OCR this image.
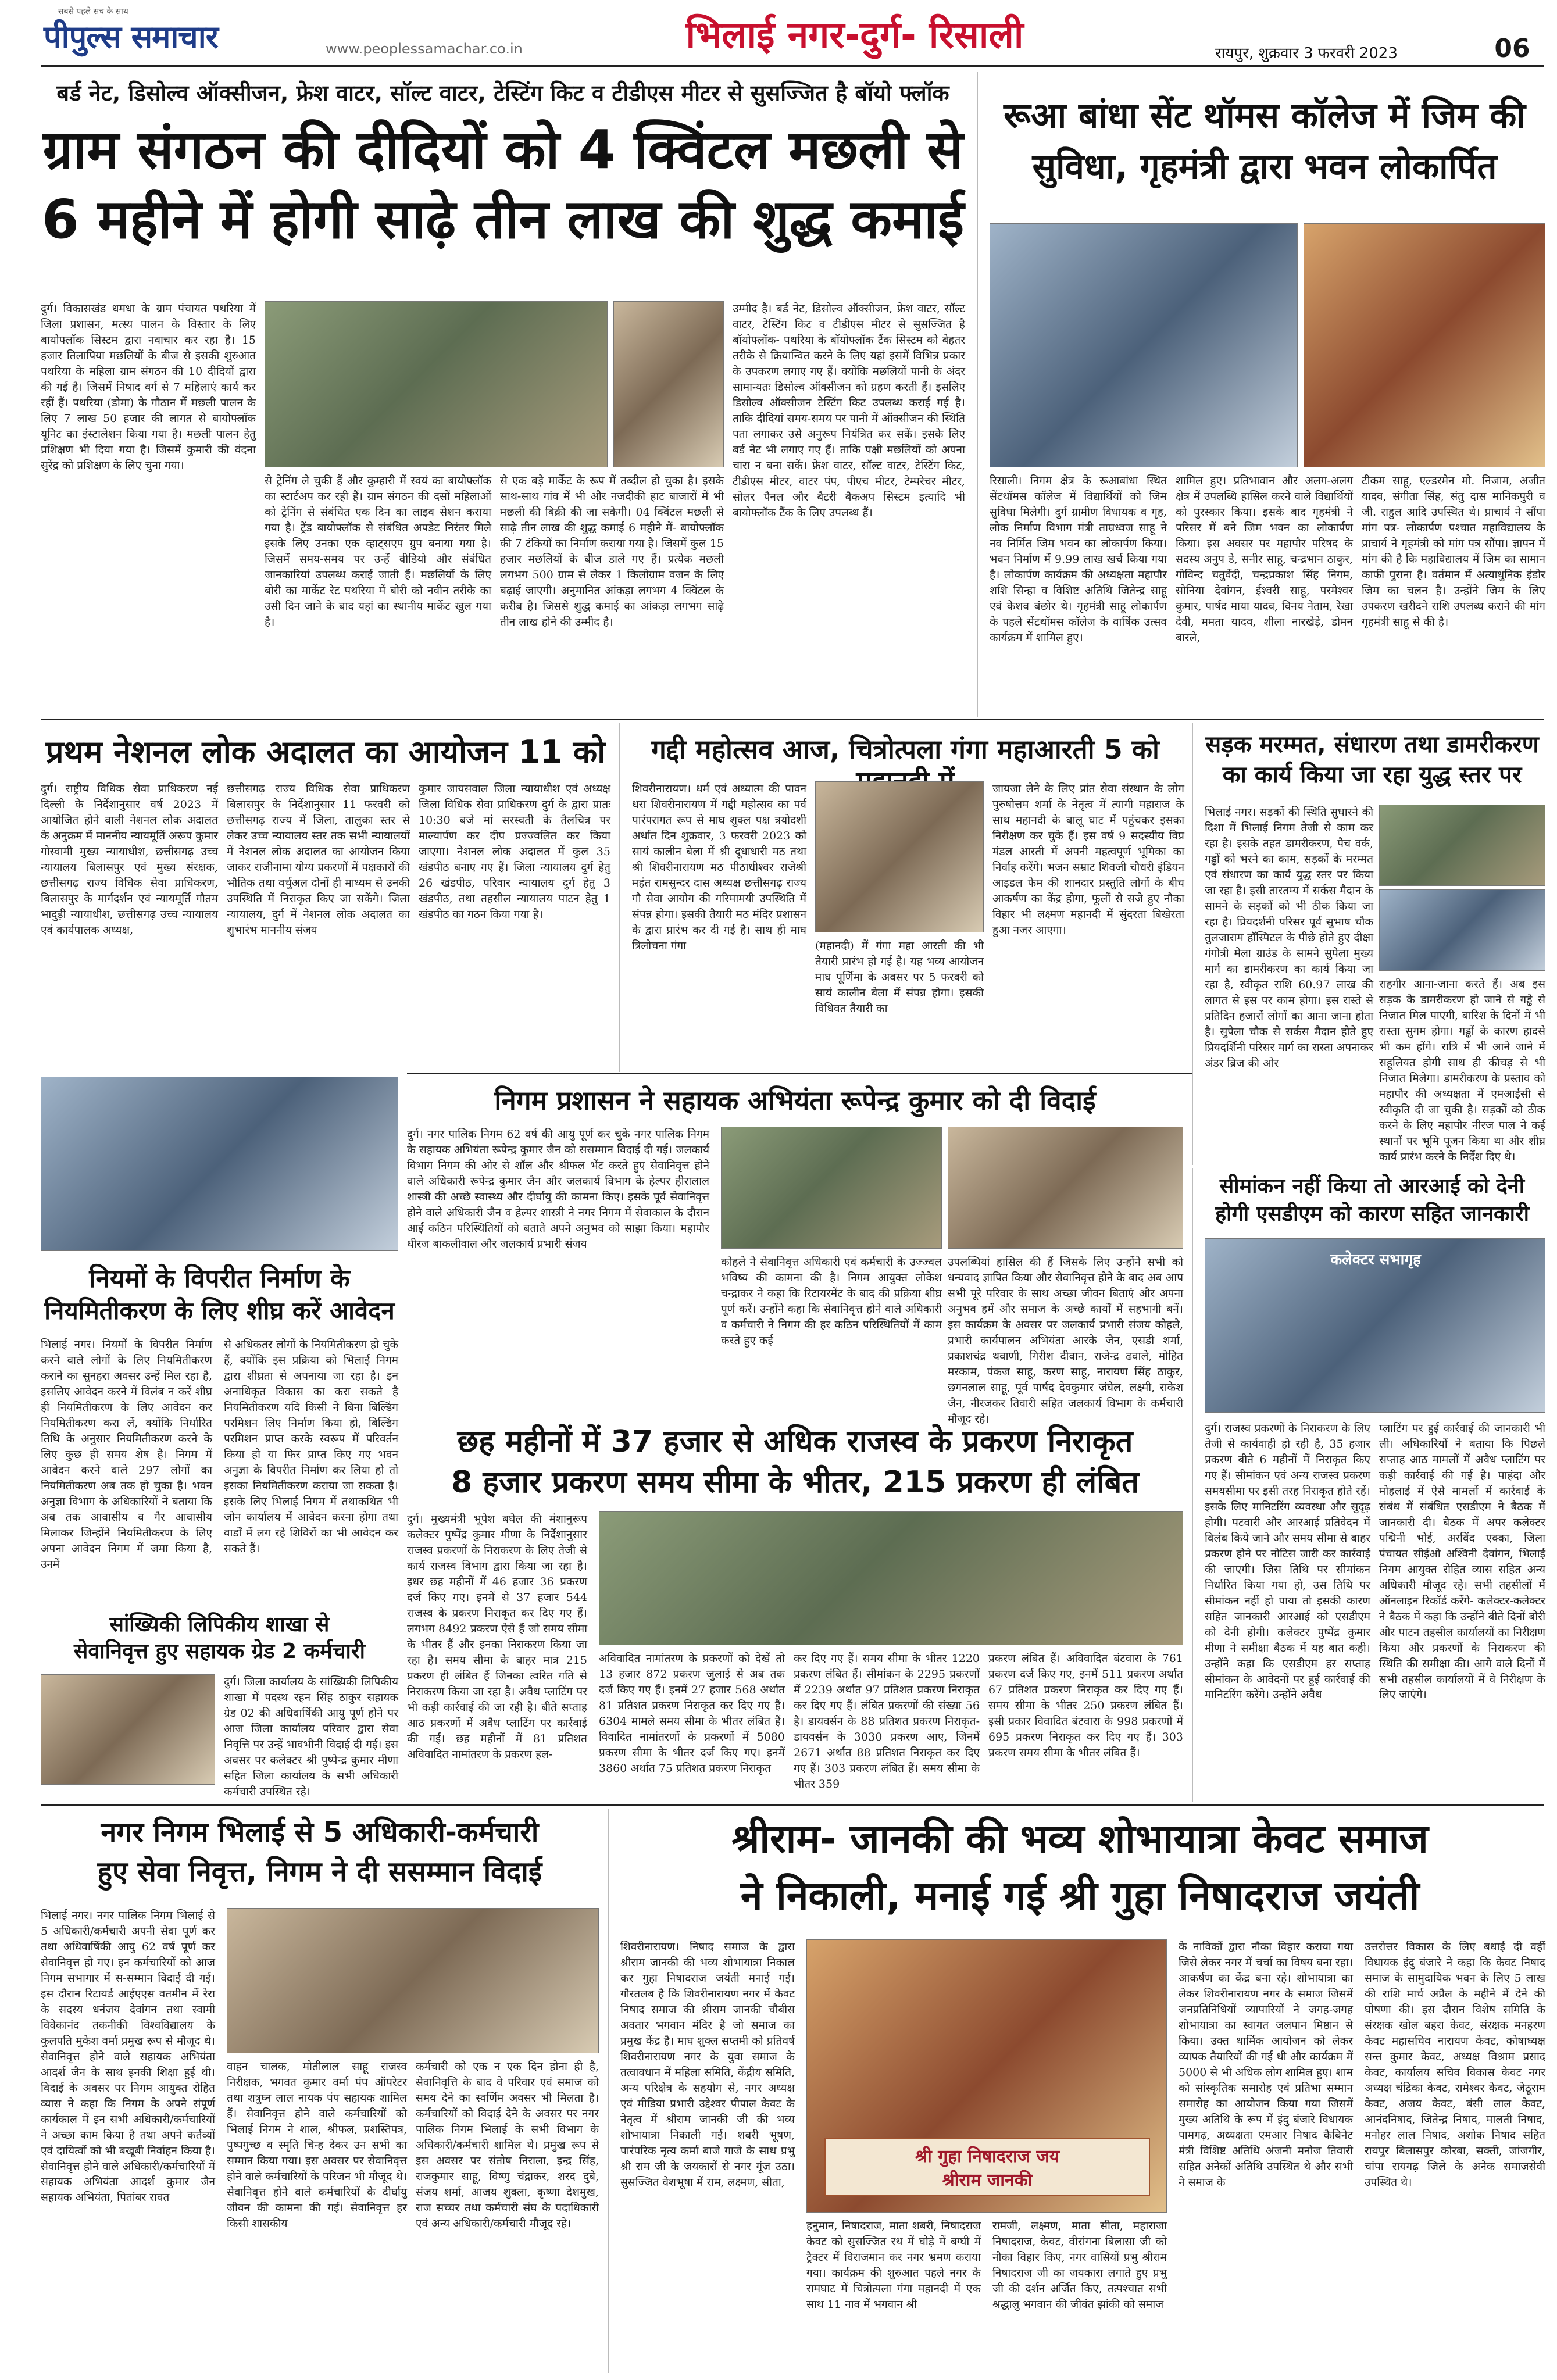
सबसे पहले सच के साथ
पीपुल्स समाचार	www.peoplessamachar.co.in	भिलाई नगर-दुर्ग- रिसाली	रायपुर, शुक्रवार 3 फरवरी 2023	06
बर्ड नेट, डिसोल्व ऑक्सीजन, फ्रेश वाटर, सॉल्ट वाटर, टेस्टिंग किट व टीडीएस मीटर से सुसज्जित है बॉयो फ्लॉक
ग्राम संगठन की दीदियों को 4 क्विंटल मछली से
6 महीने में होगी साढ़े तीन लाख की शुद्ध कमाई
दुर्ग। विकासखंड धमधा के ग्राम पंचायत पथरिया में जिला प्रशासन, मत्स्य पालन के विस्तार के लिए बायोफ्लॉक सिस्टम द्वारा नवाचार कर रहा है। 15 हजार तिलापिया मछलियों के बीज से इसकी शुरुआत पथरिया के महिला ग्राम संगठन की 10 दीदियों द्वारा की गई है। जिसमें निषाद वर्ग से 7 महिलाएं कार्य कर रहीं हैं। पथरिया (डोमा) के गौठान में मछली पालन के लिए 7 लाख 50 हजार की लागत से बायोफ्लॉक यूनिट का इंस्टालेशन किया गया है। मछली पालन हेतु प्रशिक्षण भी दिया गया है। जिसमें कुमारी की वंदना सुरेंद्र को प्रशिक्षण के लिए चुना गया।
से ट्रेनिंग ले चुकी हैं और कुम्हारी में स्वयं का बायोफ्लॉक का स्टार्टअप कर रही हैं। ग्राम संगठन की दसों महिलाओं को ट्रेनिंग से संबंधित एक दिन का लाइव सेशन कराया गया है। ट्रेंड बायोफ्लॉक से संबंधित अपडेट निरंतर मिले इसके लिए उनका एक व्हाट्सएप ग्रुप बनाया गया है। जिसमें समय-समय पर उन्हें वीडियो और संबंधित जानकारियां उपलब्ध कराई जाती हैं। मछलियों के लिए बोरी का मार्केट रेट पथरिया में बोरी को नवीन तरीके का उसी दिन जाने के बाद यहां का स्थानीय मार्केट खुल गया है।
से एक बड़े मार्केट के रूप में तब्दील हो चुका है। इसके साथ-साथ गांव में भी और नजदीकी हाट बाजारों में भी मछली की बिक्री की जा सकेगी। 04 क्विंटल मछली से साढ़े तीन लाख की शुद्ध कमाई 6 महीने में- बायोफ्लॉक की 7 टंकियों का निर्माण कराया गया है। जिसमें कुल 15 हजार मछलियों के बीज डाले गए हैं। प्रत्येक मछली लगभग 500 ग्राम से लेकर 1 किलोग्राम वजन के लिए बढ़ाई जाएगी। अनुमानित आंकड़ा लगभग 4 क्विंटल के करीब है। जिससे शुद्ध कमाई का आंकड़ा लगभग साढ़े तीन लाख होने की उम्मीद है।
उम्मीद है। बर्ड नेट, डिसोल्व ऑक्सीजन, फ्रेश वाटर, सॉल्ट वाटर, टेस्टिंग किट व टीडीएस मीटर से सुसज्जित है बॉयोफ्लॉक- पथरिया के बॉयोफ्लॉक टैंक सिस्टम को बेहतर तरीके से क्रियान्वित करने के लिए यहां इसमें विभिन्न प्रकार के उपकरण लगाए गए हैं। क्योंकि मछलियों पानी के अंदर सामान्यतः डिसोल्व ऑक्सीजन को ग्रहण करती हैं। इसलिए डिसोल्व ऑक्सीजन टेस्टिंग किट उपलब्ध कराई गई है। ताकि दीदियां समय-समय पर पानी में ऑक्सीजन की स्थिति पता लगाकर उसे अनुरूप नियंत्रित कर सकें। इसके लिए बर्ड नेट भी लगाए गए हैं। ताकि पक्षी मछलियों को अपना चारा न बना सकें। फ्रेश वाटर, सॉल्ट वाटर, टेस्टिंग किट, टीडीएस मीटर, वाटर पंप, पीएच मीटर, टेम्परेचर मीटर, सोलर पैनल और बैटरी बैकअप सिस्टम इत्यादि भी बायोफ्लॉक टैंक के लिए उपलब्ध हैं।
रूआ बांधा सेंट थॉमस कॉलेज में जिम की
सुविधा, गृहमंत्री द्वारा भवन लोकार्पित
रिसाली। निगम क्षेत्र के रूआबांधा स्थित सेंटथॉमस कॉलेज में विद्यार्थियों को जिम सुविधा मिलेगी। दुर्ग ग्रामीण विधायक व गृह, लोक निर्माण विभाग मंत्री ताम्रध्वज साहू ने नव निर्मित जिम भवन का लोकार्पण किया। भवन निर्माण में 9.99 लाख खर्च किया गया है। लोकार्पण कार्यक्रम की अध्यक्षता महापौर शशि सिन्हा व विशिष्ट अतिथि जितेन्द्र साहू एवं केशव बंछोर थे। गृहमंत्री साहू लोकार्पण के पहले सेंटथॉमस कॉलेज के वार्षिक उत्सव कार्यक्रम में शामिल हुए।
शामिल हुए। प्रतिभावान और अलग-अलग क्षेत्र में उपलब्धि हासिल करने वाले विद्यार्थियों को पुरस्कार किया। इसके बाद गृहमंत्री ने परिसर में बने जिम भवन का लोकार्पण किया। इस अवसर पर महापौर परिषद के सदस्य अनुप डे, सनीर साहू, चन्द्रभान ठाकुर, गोविन्द चतुर्वेदी, चन्द्रप्रकाश सिंह निगम, सोनिया देवांगन, ईश्वरी साहू, परमेश्वर कुमार, पार्षद माया यादव, विनय नेताम, रेखा देवी, ममता यादव, शीला नारखेड़े, डोमन बारले,
टीकम साहू, एल्डरमेन मो. निजाम, अजीत यादव, संगीता सिंह, संतु दास मानिकपुरी व जी. राहुल आदि उपस्थित थे। प्राचार्य ने सौंपा मांग पत्र- लोकार्पण पश्चात महाविद्यालय के प्राचार्य ने गृहमंत्री को मांग पत्र सौंपा। ज्ञापन में मांग की है कि महाविद्यालय में जिम का सामान काफी पुराना है। वर्तमान में अत्याधुनिक इंडोर जिम का चलन है। उन्होंने जिम के लिए उपकरण खरीदने राशि उपलब्ध कराने की मांग गृहमंत्री साहू से की है।
प्रथम नेशनल लोक अदालत का आयोजन 11 को
दुर्ग। राष्ट्रीय विधिक सेवा प्राधिकरण नई दिल्ली के निर्देशानुसार वर्ष 2023 में आयोजित होने वाली नेशनल लोक अदालत के अनुक्रम में माननीय न्यायमूर्ति अरूप कुमार गोस्वामी मुख्य न्यायाधीश, छत्तीसगढ़ उच्च न्यायालय बिलासपुर एवं मुख्य संरक्षक, छत्तीसगढ़ राज्य विधिक सेवा प्राधिकरण, बिलासपुर के मार्गदर्शन एवं न्यायमूर्ति गौतम भादुड़ी न्यायाधीश, छत्तीसगढ़ उच्च न्यायालय एवं कार्यपालक अध्यक्ष,
छत्तीसगढ़ राज्य विधिक सेवा प्राधिकरण बिलासपुर के निर्देशानुसार 11 फरवरी को छत्तीसगढ़ राज्य में जिला, तालुका स्तर से लेकर उच्च न्यायालय स्तर तक सभी न्यायालयों में नेशनल लोक अदालत का आयोजन किया जाकर राजीनामा योग्य प्रकरणों में पक्षकारों की भौतिक तथा वर्चुअल दोनों ही माध्यम से उनकी उपस्थिति में निराकृत किए जा सकेंगे। जिला न्यायालय, दुर्ग में नेशनल लोक अदालत का शुभारंभ माननीय संजय
कुमार जायसवाल जिला न्यायाधीश एवं अध्यक्ष जिला विधिक सेवा प्राधिकरण दुर्ग के द्वारा प्रातः 10:30 बजे मां सरस्वती के तैलचित्र पर माल्यार्पण कर दीप प्रज्ज्वलित कर किया जाएगा। नेशनल लोक अदालत में कुल 35 खंडपीठ बनाए गए हैं। जिला न्यायालय दुर्ग हेतु 26 खंडपीठ, परिवार न्यायालय दुर्ग हेतु 3 खंडपीठ, तथा तहसील न्यायालय पाटन हेतु 1 खंडपीठ का गठन किया गया है।
गद्दी महोत्सव आज, चित्रोत्पला गंगा महाआरती 5 को
शिवरीनारायण। धर्म एवं अध्यात्म की पावन धरा शिवरीनारायण में गद्दी महोत्सव का पर्व पारंपरागत रूप से माघ शुक्ल पक्ष त्रयोदशी अर्थात दिन शुक्रवार, 3 फरवरी 2023 को सायं कालीन बेला में श्री दूधाधारी मठ तथा श्री शिवरीनारायण मठ पीठाधीश्वर राजेश्री महंत रामसुन्दर दास अध्यक्ष छत्तीसगढ़ राज्य गौ सेवा आयोग की गरिमामयी उपस्थिति में संपन्न होगा। इसकी तैयारी मठ मंदिर प्रशासन के द्वारा प्रारंभ कर दी गई है। साथ ही माघ त्रिलोचना गंगा	(महानदी) में गंगा महा आरती की भी तैयारी प्रारंभ हो गई है। यह भव्य आयोजन माघ पूर्णिमा के अवसर पर 5 फरवरी को सायं कालीन बेला में संपन्न होगा। इसकी विधिवत तैयारी का
जायजा लेने के लिए प्रांत सेवा संस्थान के लोग पुरुषोत्तम शर्मा के नेतृत्व में त्यागी महाराज के साथ महानदी के बालू घाट में पहुंचकर इसका निरीक्षण कर चुके हैं। इस वर्ष 9 सदस्यीय विप्र मंडल आरती में अपनी महत्वपूर्ण भूमिका का निर्वाह करेंगे। भजन सम्राट शिवजी चौधरी इंडियन आइडल फेम की शानदार प्रस्तुति लोगों के बीच आकर्षण का केंद्र होगा, फूलों से सजे हुए नौका विहार भी लक्ष्मण महानदी में सुंदरता बिखेरता हुआ नजर आएगा।
सड़क मरम्मत, संधारण तथा डामरीकरण
का कार्य किया जा रहा युद्ध स्तर पर
भिलाई नगर। सड़कों की स्थिति सुधारने की दिशा में भिलाई निगम तेजी से काम कर रहा है। इसके तहत डामरीकरण, पैच वर्क, गड्ढों को भरने का काम, सड़कों के मरम्मत एवं संधारण का कार्य युद्ध स्तर पर किया जा रहा है। इसी तारतम्य में सर्कस मैदान के सामने के सड़कों को भी ठीक किया जा रहा है। प्रियदर्शनी परिसर पूर्व सुभाष चौक तुलजाराम हॉस्पिटल के पीछे होते हुए दीक्षा गंगोत्री मेला ग्राउंड के सामने सुपेला मुख्य मार्ग का डामरीकरण का कार्य किया जा रहा है, स्वीकृत राशि 60.97 लाख की लागत से इस पर काम होगा। इस रास्ते से प्रतिदिन हजारों लोगों का आना जाना होता है। सुपेला चौक से सर्कस मैदान होते हुए प्रियदर्शिनी परिसर मार्ग का रास्ता अपनाकर अंडर ब्रिज की ओर
राहगीर आना-जाना करते हैं। अब इस सड़क के डामरीकरण हो जाने से गड्ढे से निजात मिल पाएगी, बारिश के दिनों में भी रास्ता सुगम होगा। गड्ढों के कारण हादसे भी कम होंगे। रात्रि में भी आने जाने में सहूलियत होगी साथ ही कीचड़ से भी निजात मिलेगा। डामरीकरण के प्रस्ताव को महापौर की अध्यक्षता में एमआईसी से स्वीकृति दी जा चुकी है। सड़कों को ठीक करने के लिए महापौर नीरज पाल ने कई स्थानों पर भूमि पूजन किया था और शीघ्र कार्य प्रारंभ करने के निर्देश दिए थे।
निगम प्रशासन ने सहायक अभियंता रूपेन्द्र कुमार को दी विदाई
दुर्ग। नगर पालिक निगम 62 वर्ष की आयु पूर्ण कर चुके नगर पालिक निगम के सहायक अभियंता रूपेन्द्र कुमार जैन को ससम्मान विदाई दी गई। जलकार्य विभाग निगम की ओर से शॉल और श्रीफल भेंट करते हुए सेवानिवृत्त होने वाले अधिकारी रूपेन्द्र कुमार जैन और जलकार्य विभाग के हेल्पर हीरालाल शास्त्री की अच्छे स्वास्थ्य और दीर्घायु की कामना किए। इसके पूर्व सेवानिवृत्त होने वाले अधिकारी जैन व हेल्पर शास्त्री ने नगर निगम में सेवाकाल के दौरान आईं कठिन परिस्थितियों को बताते अपने अनुभव को साझा किया। महापौर धीरज बाकलीवाल और जलकार्य प्रभारी संजय
कोहले ने सेवानिवृत्त अधिकारी एवं कर्मचारी के उज्ज्वल भविष्य की कामना की है। निगम आयुक्त लोकेश चन्द्राकर ने कहा कि रिटायरमेंट के बाद की प्रक्रिया शीघ्र पूर्ण करें। उन्होंने कहा कि सेवानिवृत्त होने वाले अधिकारी व कर्मचारी ने निगम की हर कठिन परिस्थितियों में काम करते हुए कई
उपलब्धियां हासिल की हैं जिसके लिए उन्होंने सभी को धन्यवाद ज्ञापित किया और सेवानिवृत्त होने के बाद अब आप सभी पूरे परिवार के साथ अच्छा जीवन बिताएं और अपना अनुभव हमें और समाज के अच्छे कार्यों में सहभागी बनें। इस कार्यक्रम के अवसर पर जलकार्य प्रभारी संजय कोहले, प्रभारी कार्यपालन अभियंता आरके जैन, एसडी शर्मा, प्रकाशचंद्र थवाणी, गिरीश दीवान, राजेन्द्र ढवाले, मोहित मरकाम, पंकज साहू, करण साहू, नारायण सिंह ठाकुर, छगनलाल साहू, पूर्व पार्षद देवकुमार जंघेल, लक्ष्मी, राकेश जैन, नीरजकर तिवारी सहित जलकार्य विभाग के कर्मचारी मौजूद रहे।
नियमों के विपरीत निर्माण के
नियमितीकरण के लिए शीघ्र करें आवेदन
भिलाई नगर। नियमों के विपरीत निर्माण करने वाले लोगों के लिए नियमितीकरण कराने का सुनहरा अवसर उन्हें मिल रहा है, इसलिए आवेदन करने में विलंब न करें शीघ्र ही नियमितीकरण के लिए आवेदन कर नियमितीकरण करा लें, क्योंकि निर्धारित तिथि के अनुसार नियमितीकरण करने के लिए कुछ ही समय शेष है। निगम में आवेदन करने वाले 297 लोगों का नियमितीकरण अब तक हो चुका है। भवन अनुज्ञा विभाग के अधिकारियों ने बताया कि अब तक आवासीय व गैर आवासीय मिलाकर जिन्होंने नियमितीकरण के लिए अपना आवेदन निगम में जमा किया है, उनमें
से अधिकतर लोगों के नियमितीकरण हो चुके हैं, क्योंकि इस प्रक्रिया को भिलाई निगम द्वारा शीघ्रता से अपनाया जा रहा है। इन अनाधिकृत विकास का करा सकते है नियमितीकरण यदि किसी ने बिना बिल्डिंग परमिशन लिए निर्माण किया हो, बिल्डिंग परमिशन प्राप्त करके स्वरूप में परिवर्तन किया हो या फिर प्राप्त किए गए भवन अनुज्ञा के विपरीत निर्माण कर लिया हो तो इसका नियमितीकरण कराया जा सकता है। इसके लिए भिलाई निगम में तथाकथित भी जोन कार्यालय में आवेदन करना होगा तथा वार्डों में लग रहे शिविरों का भी आवेदन कर सकते हैं।
सांख्यिकी लिपिकीय शाखा से
सेवानिवृत्त हुए सहायक ग्रेड 2 कर्मचारी
दुर्ग। जिला कार्यालय के सांख्यिकी लिपिकीय शाखा में पदस्थ रहन सिंह ठाकुर सहायक ग्रेड 02 की अधिवार्षिकी आयु पूर्ण होने पर आज जिला कार्यालय परिवार द्वारा सेवा निवृत्ति पर उन्हें भावभीनी विदाई दी गई। इस अवसर पर कलेक्टर श्री पुष्पेन्द्र कुमार मीणा सहित जिला कार्यालय के सभी अधिकारी कर्मचारी उपस्थित रहे।
छह महीनों में 37 हजार से अधिक राजस्व के प्रकरण निराकृत
8 हजार प्रकरण समय सीमा के भीतर, 215 प्रकरण ही लंबित
दुर्ग। मुख्यमंत्री भूपेश बघेल की मंशानुरूप कलेक्टर पुष्पेंद्र कुमार मीणा के निर्देशानुसार राजस्व प्रकरणों के निराकरण के लिए तेजी से कार्य राजस्व विभाग द्वारा किया जा रहा है। इधर छह महीनों में 46 हजार 36 प्रकरण दर्ज किए गए। इनमें से 37 हजार 544 राजस्व के प्रकरण निराकृत कर दिए गए हैं। लगभग 8492 प्रकरण ऐसे हैं जो समय सीमा के भीतर हैं और इनका निराकरण किया जा रहा है। समय सीमा के बाहर मात्र 215 प्रकरण ही लंबित हैं जिनका त्वरित गति से निराकरण किया जा रहा है। अवैध प्लाटिंग पर भी कड़ी कार्रवाई की जा रही है। बीते सप्ताह आठ प्रकरणों में अवैध प्लाटिंग पर कार्रवाई की गई। छह महीनों में 81 प्रतिशत अविवादित नामांतरण के प्रकरण हल-
अविवादित नामांतरण के प्रकरणों को देखें तो 13 हजार 872 प्रकरण जुलाई से अब तक दर्ज किए गए हैं। इनमें 27 हजार 568 अर्थात 81 प्रतिशत प्रकरण निराकृत कर दिए गए हैं। 6304 मामले समय सीमा के भीतर लंबित हैं। विवादित नामांतरणों के प्रकरणों में 5080 प्रकरण सीमा के भीतर दर्ज किए गए। इनमें 3860 अर्थात 75 प्रतिशत प्रकरण निराकृत
कर दिए गए हैं। समय सीमा के भीतर 1220 प्रकरण लंबित हैं। सीमांकन के 2295 प्रकरणों में 2239 अर्थात 97 प्रतिशत प्रकरण निराकृत कर दिए गए हैं। लंबित प्रकरणों की संख्या 56 है। डायवर्सन के 88 प्रतिशत प्रकरण निराकृत- डायवर्सन के 3030 प्रकरण आए, जिनमें 2671 अर्थात 88 प्रतिशत निराकृत कर दिए गए हैं। 303 प्रकरण लंबित हैं। समय सीमा के भीतर 359
प्रकरण लंबित हैं। अविवादित बंटवारा के 761 प्रकरण दर्ज किए गए, इनमें 511 प्रकरण अर्थात 67 प्रतिशत प्रकरण निराकृत कर दिए गए हैं। समय सीमा के भीतर 250 प्रकरण लंबित हैं। इसी प्रकार विवादित बंटवारा के 998 प्रकरणों में 695 प्रकरण निराकृत कर दिए गए हैं। 303 प्रकरण समय सीमा के भीतर लंबित हैं।
सीमांकन नहीं किया तो आरआई को देनी
होगी एसडीएम को कारण सहित जानकारी
कलेक्टर सभागृह
दुर्ग। राजस्व प्रकरणों के निराकरण के लिए तेजी से कार्यवाही हो रही है, 35 हजार प्रकरण बीते 6 महीनों में निराकृत किए गए हैं। सीमांकन एवं अन्य राजस्व प्रकरण समयसीमा पर इसी तरह निराकृत होते रहें। इसके लिए मानिटरिंग व्यवस्था और सुदृढ़ होगी। पटवारी और आरआई प्रतिवेदन में विलंब किये जाने और समय सीमा से बाहर प्रकरण होने पर नोटिस जारी कर कार्रवाई की जाएगी। जिस तिथि पर सीमांकन निर्धारित किया गया हो, उस तिथि पर सीमांकन नहीं हो पाया तो इसकी कारण सहित जानकारी आरआई को एसडीएम को देनी होगी। कलेक्टर पुष्पेंद्र कुमार मीणा ने समीक्षा बैठक में यह बात कही। उन्होंने कहा कि एसडीएम हर सप्ताह सीमांकन के आवेदनों पर हुई कार्रवाई की मानिटरिंग करेंगे। उन्होंने अवैध
प्लाटिंग पर हुई कार्रवाई की जानकारी भी ली। अधिकारियों ने बताया कि पिछले सप्ताह आठ मामलों में अवैध प्लाटिंग पर कड़ी कार्रवाई की गई है। पाहंदा और मोहलाई में ऐसे मामलों में कार्रवाई के संबंध में संबंधित एसडीएम ने बैठक में जानकारी दी। बैठक में अपर कलेक्टर पद्मिनी भोई, अरविंद एक्का, जिला पंचायत सीईओ अश्विनी देवांगन, भिलाई निगम आयुक्त रोहित व्यास सहित अन्य अधिकारी मौजूद रहे। सभी तहसीलों में ऑनलाइन रिकॉर्ड करेंगे- कलेक्टर-कलेक्टर ने बैठक में कहा कि उन्होंने बीते दिनों बोरी और पाटन तहसील कार्यालयों का निरीक्षण किया और प्रकरणों के निराकरण की स्थिति की समीक्षा की। आगे वाले दिनों में सभी तहसील कार्यालयों में वे निरीक्षण के लिए जाएंगे।
नगर निगम भिलाई से 5 अधिकारी-कर्मचारी
हुए सेवा निवृत्त, निगम ने दी ससम्मान विदाई
भिलाई नगर। नगर पालिक निगम भिलाई से 5 अधिकारी/कर्मचारी अपनी सेवा पूर्ण कर तथा अधिवार्षिकी आयु 62 वर्ष पूर्ण कर सेवानिवृत्त हो गए। इन कर्मचारियों को आज निगम सभागार में स-सम्मान विदाई दी गई। इस दौरान रिटायर्ड आईएएस वतमीन में रेरा के सदस्य धनंजय देवांगन तथा स्वामी विवेकानंद तकनीकी विश्वविद्यालय के कुलपति मुकेश वर्मा प्रमुख रूप से मौजूद थे। सेवानिवृत्त होने वाले सहायक अभियंता आदर्श जैन के साथ इनकी शिक्षा हुई थी। विदाई के अवसर पर निगम आयुक्त रोहित व्यास ने कहा कि निगम के अपने संपूर्ण कार्यकाल में इन सभी अधिकारी/कर्मचारियों ने अच्छा काम किया है तथा अपने कर्तव्यों एवं दायित्वों को भी बखूबी निर्वाहन किया है। सेवानिवृत्त होने वाले अधिकारी/कर्मचारियों में सहायक अभियंता आदर्श कुमार जैन सहायक अभियंता, पितांबर रावत
वाहन चालक, मोतीलाल साहू राजस्व निरीक्षक, भगवत कुमार वर्मा पंप ऑपरेटर तथा शत्रुघ्न लाल नायक पंप सहायक शामिल हैं। सेवानिवृत्त होने वाले कर्मचारियों को भिलाई निगम ने शाल, श्रीफल, प्रशस्तिपत्र, पुष्पगुच्छ व स्मृति चिन्ह देकर उन सभी का सम्मान किया गया। इस अवसर पर सेवानिवृत्त होने वाले कर्मचारियों के परिजन भी मौजूद थे। सेवानिवृत्त होने वाले कर्मचारियों के दीर्घायु जीवन की कामना की गई। सेवानिवृत्त हर किसी शासकीय
कर्मचारी को एक न एक दिन होना ही है, सेवानिवृत्ति के बाद वे परिवार एवं समाज को समय देने का स्वर्णिम अवसर भी मिलता है। कर्मचारियों को विदाई देने के अवसर पर नगर पालिक निगम भिलाई के सभी विभाग के अधिकारी/कर्मचारी शामिल थे। प्रमुख रूप से इस अवसर पर संतोष निराला, इन्द्र सिंह, राजकुमार साहू, विष्णु चंद्राकर, शरद दुबे, संजय शर्मा, आजय शुक्ला, कृष्णा देशमुख, राज सच्चर तथा कर्मचारी संघ के पदाधिकारी एवं अन्य अधिकारी/कर्मचारी मौजूद रहे।
श्रीराम- जानकी की भव्य शोभायात्रा केवट समाज
ने निकाली, मनाई गई श्री गुहा निषादराज जयंती
शिवरीनारायण। निषाद समाज के द्वारा श्रीराम जानकी की भव्य शोभायात्रा निकाल कर गुहा निषादराज जयंती मनाई गई। गौरतलब है कि शिवरीनारायण नगर में केवट निषाद समाज की श्रीराम जानकी चौबीस अवतार भगवान मंदिर है जो समाज का प्रमुख केंद्र है। माघ शुक्ल सप्तमी को प्रतिवर्ष शिवरीनारायण नगर के युवा समाज के तत्वावधान में महिला समिति, केंद्रीय समिति, अन्य परिक्षेत्र के सहयोग से, नगर अध्यक्ष एवं मीडिया प्रभारी उद्देश्वर पीपाल केवट के नेतृत्व में श्रीराम जानकी जी की भव्य शोभायात्रा निकाली गई। शबरी भूषण, पारंपरिक नृत्य कर्मा बाजे गाजे के साथ प्रभु श्री राम जी के जयकारों से नगर गूंज उठा। सुसज्जित वेशभूषा में राम, लक्ष्मण, सीता,
श्री गुहा निषादराज जय
श्रीराम जानकी
हनुमान, निषादराज, माता शबरी, निषादराज केवट को सुसज्जित रथ में घोड़े में बग्घी में ट्रैक्टर में विराजमान कर नगर भ्रमण कराया गया। कार्यक्रम की शुरुआत पहले नगर के रामघाट में चित्रोत्पला गंगा महानदी में एक साथ 11 नाव में भगवान श्री
रामजी, लक्ष्मण, माता सीता, महाराजा निषादराज, केवट, वीरांगना बिलासा जी को नौका विहार किए, नगर वासियों प्रभु श्रीराम निषादराज जी का जयकारा लगाते हुए प्रभु जी की दर्शन अर्जित किए, तत्पश्चात सभी श्रद्धालु भगवान की जीवंत झांकी को समाज
के नाविकों द्वारा नौका विहार कराया गया जिसे लेकर नगर में चर्चा का विषय बना रहा। आकर्षण का केंद्र बना रहे। शोभायात्रा का लेकर शिवरीनारायण नगर के समाज जिसमें जनप्रतिनिधियों व्यापारियों ने जगह-जगह शोभायात्रा का स्वागत जलपान मिष्ठान से किया। उक्त धार्मिक आयोजन को लेकर व्यापक तैयारियों की गई थी और कार्यक्रम में 5000 से भी अधिक लोग शामिल हुए। शाम को सांस्कृतिक समारोह एवं प्रतिभा सम्मान समारोह का आयोजन किया गया जिसमें मुख्य अतिथि के रूप में इंदु बंजारे विधायक पामगढ़, अध्यक्षता एमआर निषाद कैबिनेट मंत्री विशिष्ट अतिथि अंजनी मनोज तिवारी सहित अनेकों अतिथि उपस्थित थे और सभी ने समाज के
उत्तरोत्तर विकास के लिए बधाई दी वहीं विधायक इंदु बंजारे ने कहा कि केवट निषाद समाज के सामुदायिक भवन के लिए 5 लाख की राशि मार्च अप्रैल के महीने में देने की घोषणा की। इस दौरान विशेष समिति के संरक्षक खोल बहरा केवट, संरक्षक मनहरण केवट महासचिव नारायण केवट, कोषाध्यक्ष सन्त कुमार केवट, अध्यक्ष विश्राम प्रसाद केवट, कार्यालय सचिव विकास केवट नगर अध्यक्ष चंद्रिका केवट, रामेश्वर केवट, जेठूराम केवट, अजय केवट, बंसी लाल केवट, आनंदनिषाद, जितेन्द्र निषाद, मालती निषाद, मनोहर लाल निषाद, अशोक निषाद सहित रायपुर बिलासपुर कोरबा, सक्ती, जांजगीर, चांपा रायगढ़ जिले के अनेक समाजसेवी उपस्थित थे।
